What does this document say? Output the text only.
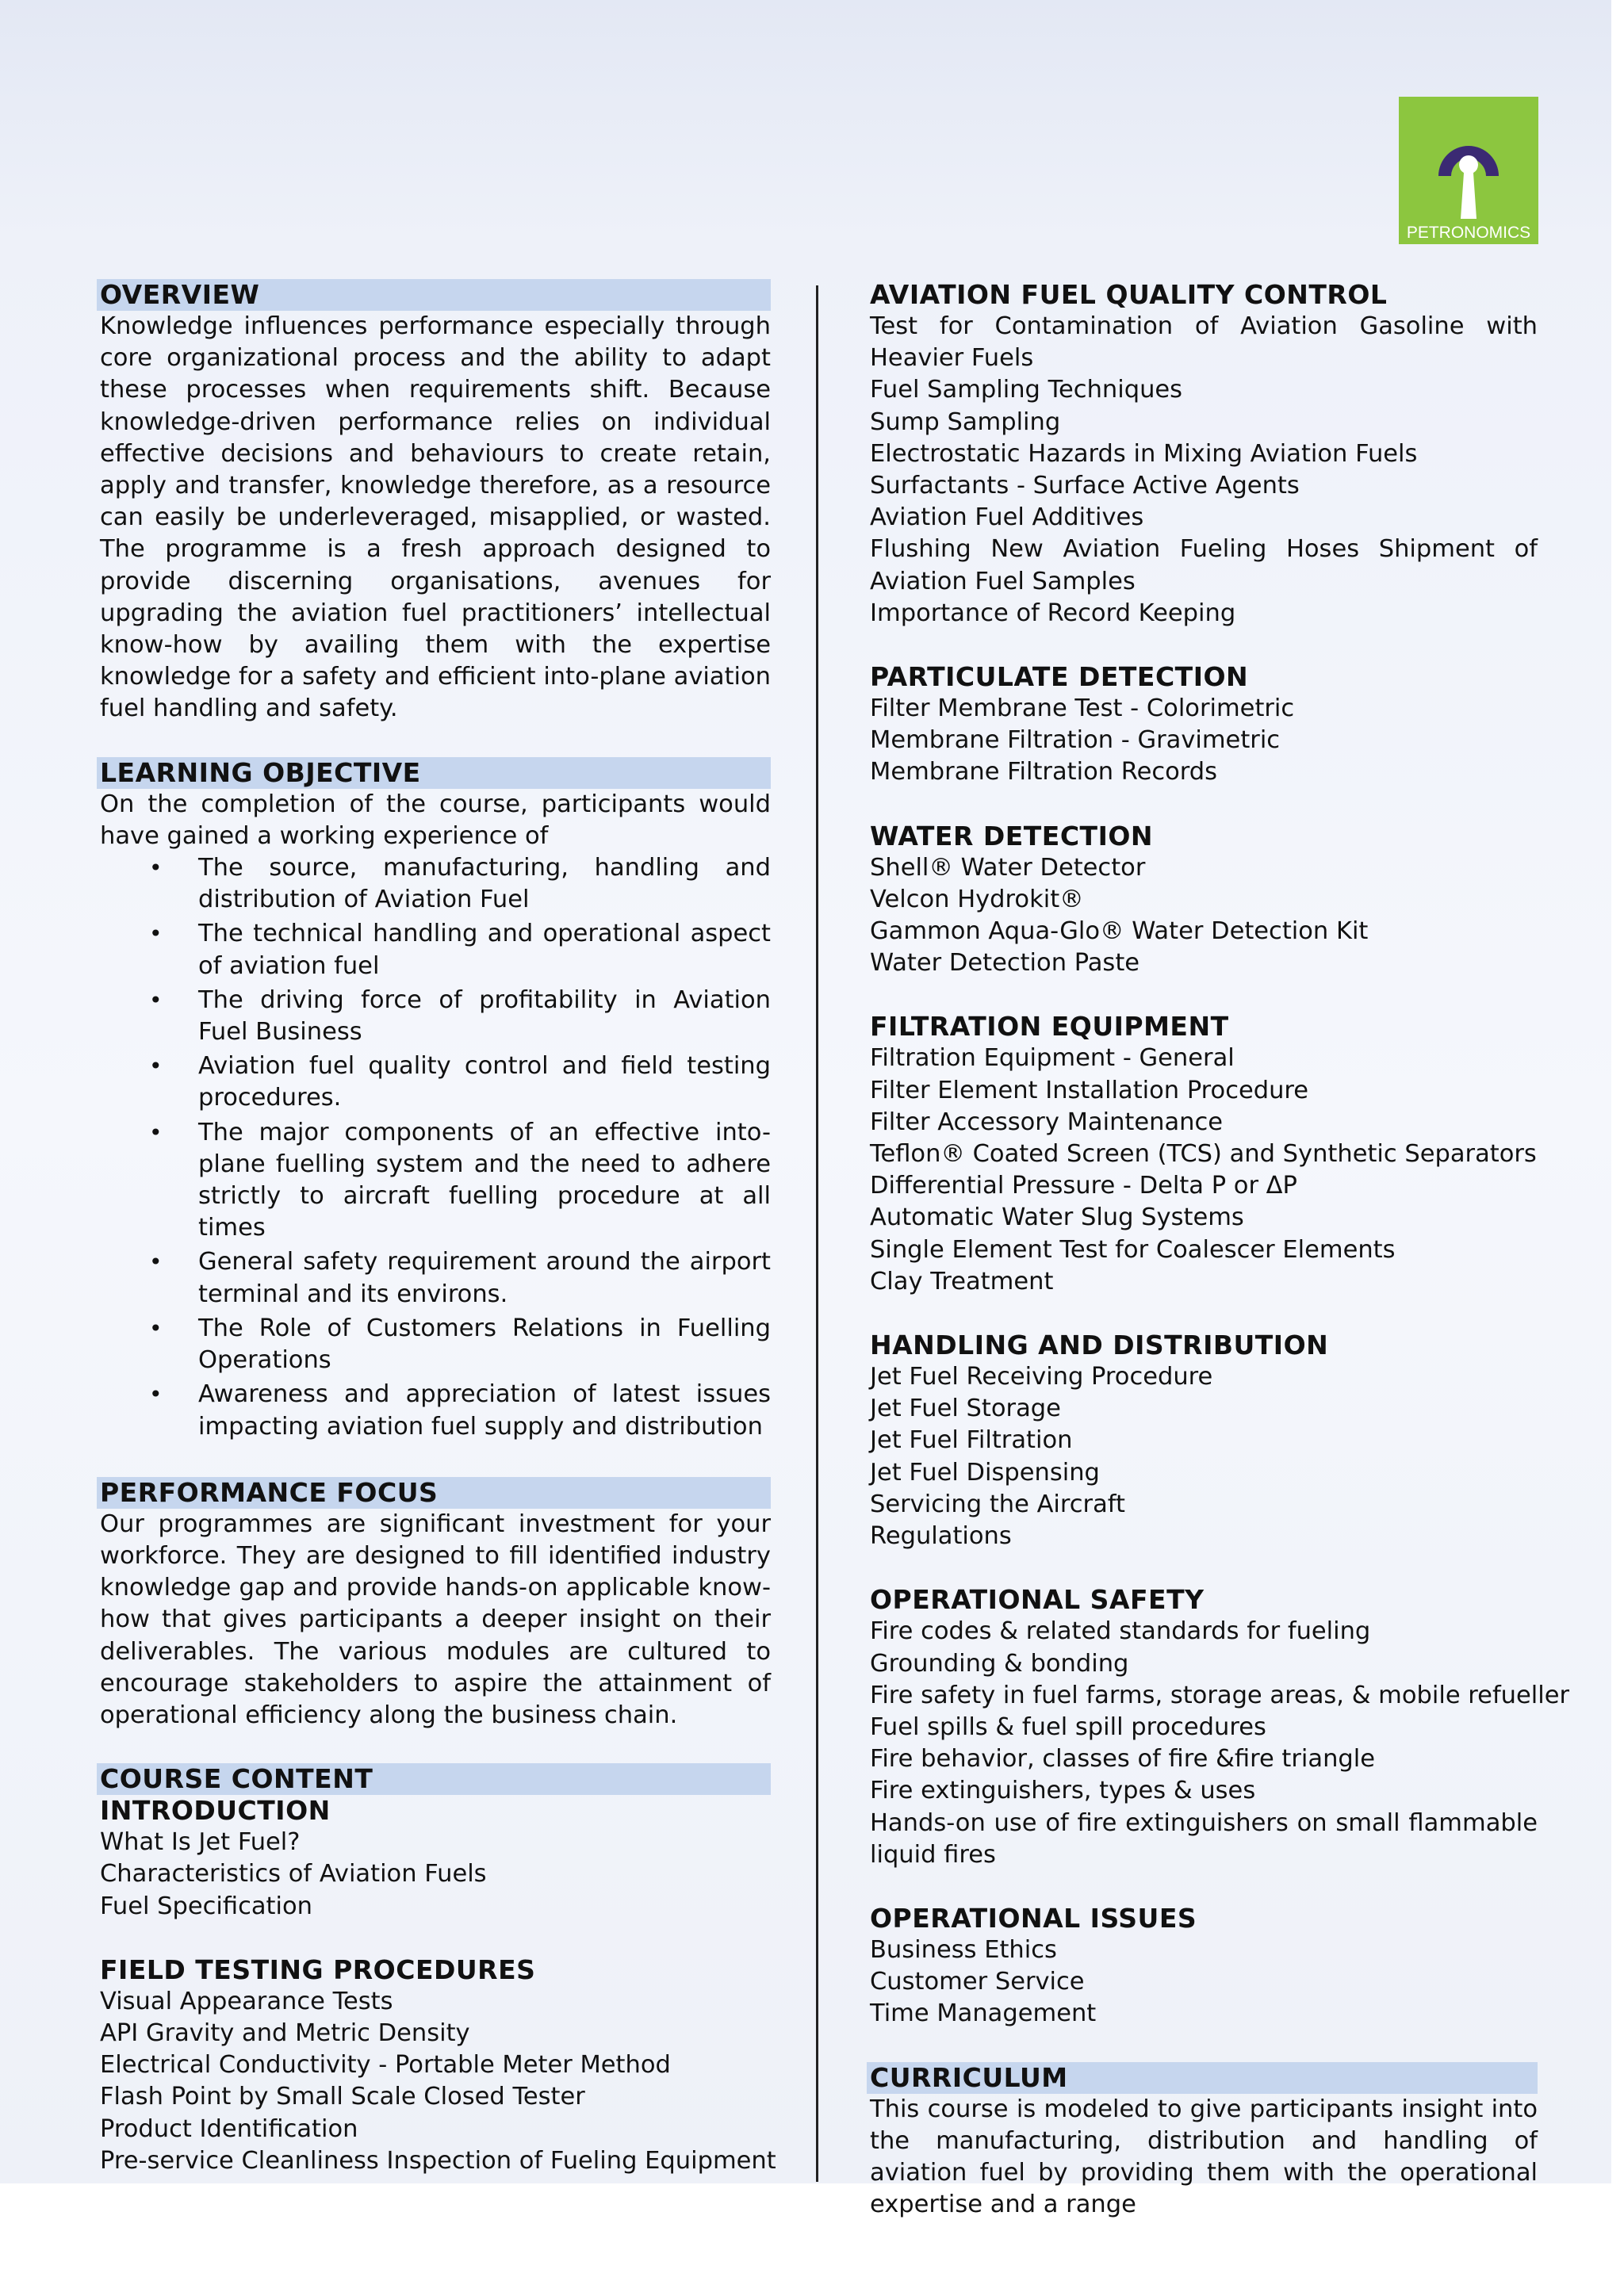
PETRONOMICS
OVERVIEW

Knowledge influences performance especially through core organizational process and the ability to adapt these processes when requirements shift. Because knowledge-driven performance relies on individual effective decisions and behaviours to create retain, apply and transfer, knowledge therefore, as a resource can easily be underleveraged, misapplied, or wasted. The programme is a fresh approach designed to provide discerning organisations, avenues for upgrading the aviation fuel practitioners’ intellectual know-how by availing them with the expertise knowledge for a safety and efficient into-plane aviation fuel handling and safety.

LEARNING OBJECTIVE

On the completion of the course, participants would have gained a working experience of

• The source, manufacturing, handling and distribution of Aviation Fuel
• The technical handling and operational aspect of aviation fuel
• The driving force of profitability in Aviation Fuel Business
• Aviation fuel quality control and field testing procedures.
• The major components of an effective into-plane fuelling system and the need to adhere strictly to aircraft fuelling procedure at all times
• General safety requirement around the airport terminal and its environs.
• The Role of Customers Relations in Fuelling Operations
• Awareness and appreciation of latest issues impacting aviation fuel supply and distribution
PERFORMANCE FOCUS

Our programmes are significant investment for your workforce. They are designed to fill identified industry knowledge gap and provide hands-on applicable know-how that gives participants a deeper insight on their deliverables. The various modules are cultured to encourage stakeholders to aspire the attainment of operational efficiency along the business chain.

COURSE CONTENT
INTRODUCTION
What Is Jet Fuel?
Characteristics of Aviation Fuels
Fuel Specification
FIELD TESTING PROCEDURES
Visual Appearance Tests
API Gravity and Metric Density
Electrical Conductivity - Portable Meter Method
Flash Point by Small Scale Closed Tester
Product Identification
Pre-service Cleanliness Inspection of Fueling Equipment
AVIATION FUEL QUALITY CONTROL

Test for Contamination of Aviation Gasoline with Heavier Fuels

Fuel Sampling Techniques
Sump Sampling
Electrostatic Hazards in Mixing Aviation Fuels
Surfactants - Surface Active Agents
Aviation Fuel Additives

Flushing New Aviation Fueling Hoses Shipment of Aviation Fuel Samples

Importance of Record Keeping
PARTICULATE DETECTION
Filter Membrane Test - Colorimetric
Membrane Filtration - Gravimetric
Membrane Filtration Records
WATER DETECTION
Shell® Water Detector
Velcon Hydrokit®
Gammon Aqua-Glo® Water Detection Kit
Water Detection Paste
FILTRATION EQUIPMENT
Filtration Equipment - General
Filter Element Installation Procedure
Filter Accessory Maintenance
Teflon® Coated Screen (TCS) and Synthetic Separators
Differential Pressure - Delta P or ΔP
Automatic Water Slug Systems
Single Element Test for Coalescer Elements
Clay Treatment
HANDLING AND DISTRIBUTION
Jet Fuel Receiving Procedure
Jet Fuel Storage
Jet Fuel Filtration
Jet Fuel Dispensing
Servicing the Aircraft
Regulations
OPERATIONAL SAFETY
Fire codes & related standards for fueling
Grounding & bonding
Fire safety in fuel farms, storage areas, & mobile refueller
Fuel spills & fuel spill procedures
Fire behavior, classes of fire &fire triangle
Fire extinguishers, types & uses

Hands-on use of fire extinguishers on small flammable liquid fires

OPERATIONAL ISSUES
Business Ethics
Customer Service
Time Management
CURRICULUM

This course is modeled to give participants insight into the manufacturing, distribution and handling of aviation fuel by providing them with the operational expertise and a range
